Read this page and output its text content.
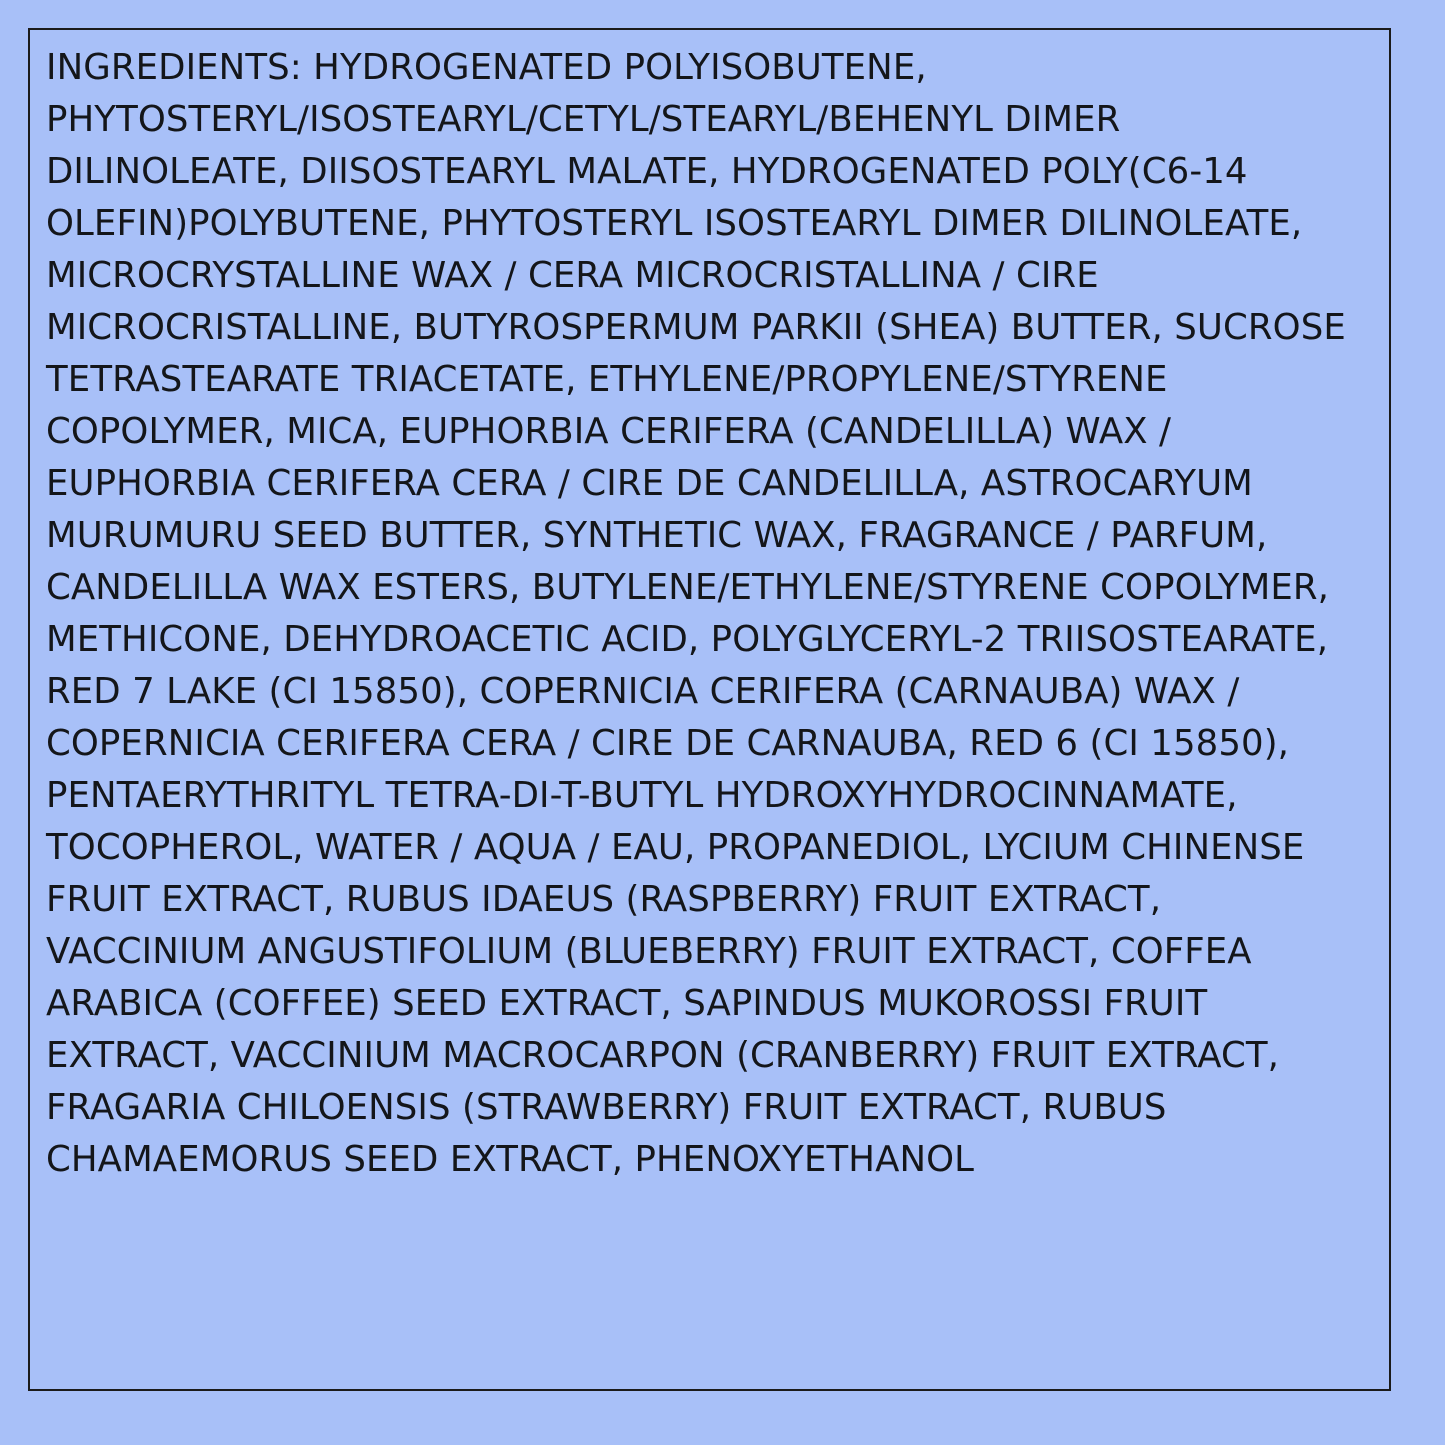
INGREDIENTS: HYDROGENATED POLYISOBUTENE, PHYTOSTERYL/ISOSTEARYL/CETYL/STEARYL/BEHENYL DIMER DILINOLEATE, DIISOSTEARYL MALATE, HYDROGENATED POLY(C6-14 OLEFIN)POLYBUTENE, PHYTOSTERYL ISOSTEARYL DIMER DILINOLEATE, MICROCRYSTALLINE WAX / CERA MICROCRISTALLINA / CIRE MICROCRISTALLINE, BUTYROSPERMUM PARKII (SHEA) BUTTER, SUCROSE TETRASTEARATE TRIACETATE, ETHYLENE/PROPYLENE/STYRENE COPOLYMER, MICA, EUPHORBIA CERIFERA (CANDELILLA) WAX / EUPHORBIA CERIFERA CERA / CIRE DE CANDELILLA, ASTROCARYUM MURUMURU SEED BUTTER, SYNTHETIC WAX, FRAGRANCE / PARFUM, CANDELILLA WAX ESTERS, BUTYLENE/ETHYLENE/STYRENE COPOLYMER, METHICONE, DEHYDROACETIC ACID, POLYGLYCERYL-2 TRIISOSTEARATE, RED 7 LAKE (CI 15850), COPERNICIA CERIFERA (CARNAUBA) WAX / COPERNICIA CERIFERA CERA / CIRE DE CARNAUBA, RED 6 (CI 15850), PENTAERYTHRITYL TETRA-DI-T-BUTYL HYDROXYHYDROCINNAMATE, TOCOPHEROL, WATER / AQUA / EAU, PROPANEDIOL, LYCIUM CHINENSE FRUIT EXTRACT, RUBUS IDAEUS (RASPBERRY) FRUIT EXTRACT, VACCINIUM ANGUSTIFOLIUM (BLUEBERRY) FRUIT EXTRACT, COFFEA ARABICA (COFFEE) SEED EXTRACT, SAPINDUS MUKOROSSI FRUIT EXTRACT, VACCINIUM MACROCARPON (CRANBERRY) FRUIT EXTRACT, FRAGARIA CHILOENSIS (STRAWBERRY) FRUIT EXTRACT, RUBUS CHAMAEMORUS SEED EXTRACT, PHENOXYETHANOL
